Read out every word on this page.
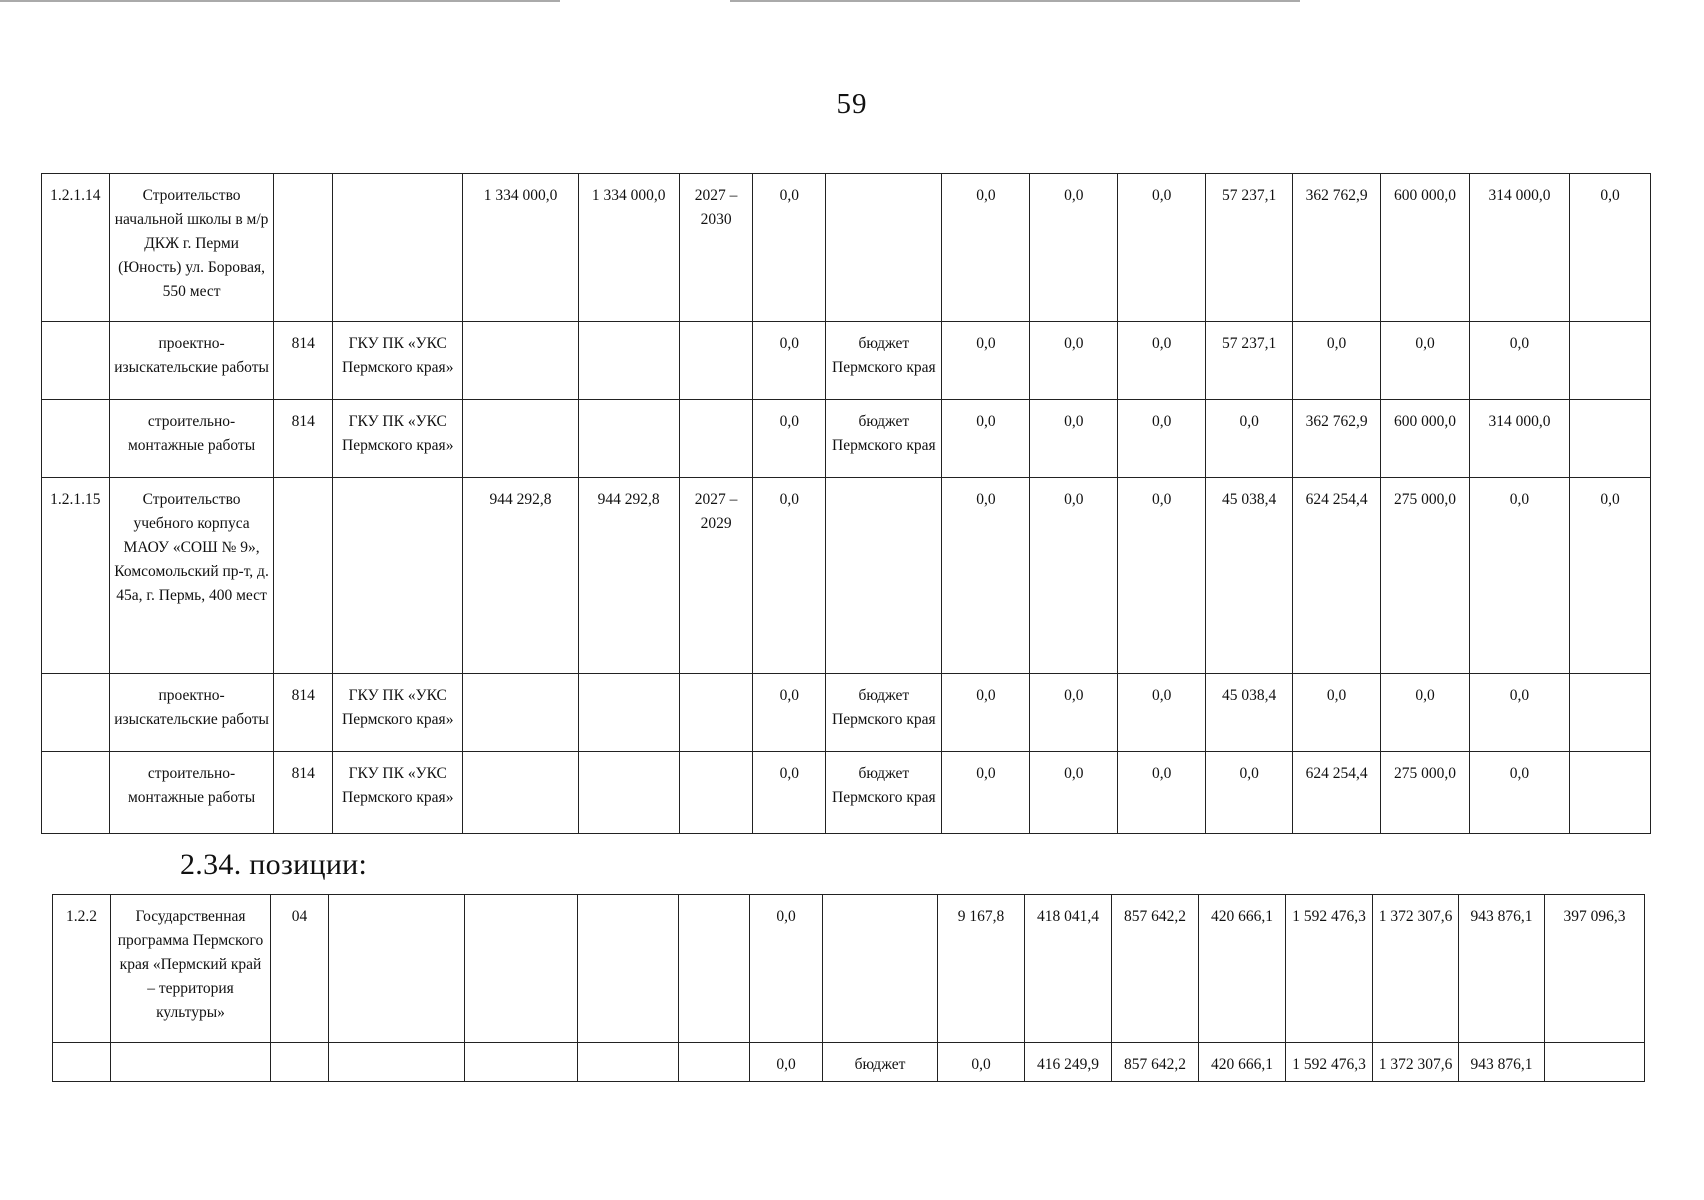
59
1.2.1.14	Строительство начальной школы в м/р ДКЖ г. Перми (Юность) ул. Боровая, 550 мест			1 334 000,0	1 334 000,0	2027 – 2030	0,0		0,0	0,0	0,0	57 237,1	362 762,9	600 000,0	314 000,0	0,0
	проектно-изыскательские работы	814	ГКУ ПК «УКС Пермского края»				0,0	бюджет Пермского края	0,0	0,0	0,0	57 237,1	0,0	0,0	0,0	
	строительно-монтажные работы	814	ГКУ ПК «УКС Пермского края»				0,0	бюджет Пермского края	0,0	0,0	0,0	0,0	362 762,9	600 000,0	314 000,0	
1.2.1.15	Строительство учебного корпуса МАОУ «СОШ № 9», Комсомольский пр-т, д. 45а, г. Пермь, 400 мест			944 292,8	944 292,8	2027 – 2029	0,0		0,0	0,0	0,0	45 038,4	624 254,4	275 000,0	0,0	0,0
	проектно-изыскательские работы	814	ГКУ ПК «УКС Пермского края»				0,0	бюджет Пермского края	0,0	0,0	0,0	45 038,4	0,0	0,0	0,0	
	строительно-монтажные работы	814	ГКУ ПК «УКС Пермского края»				0,0	бюджет Пермского края	0,0	0,0	0,0	0,0	624 254,4	275 000,0	0,0	
2.34. позиции:
1.2.2	Государственная программа Пермского края «Пермский край – территория культуры»	04					0,0		9 167,8	418 041,4	857 642,2	420 666,1	1 592 476,3	1 372 307,6	943 876,1	397 096,3
							0,0	бюджет	0,0	416 249,9	857 642,2	420 666,1	1 592 476,3	1 372 307,6	943 876,1	
